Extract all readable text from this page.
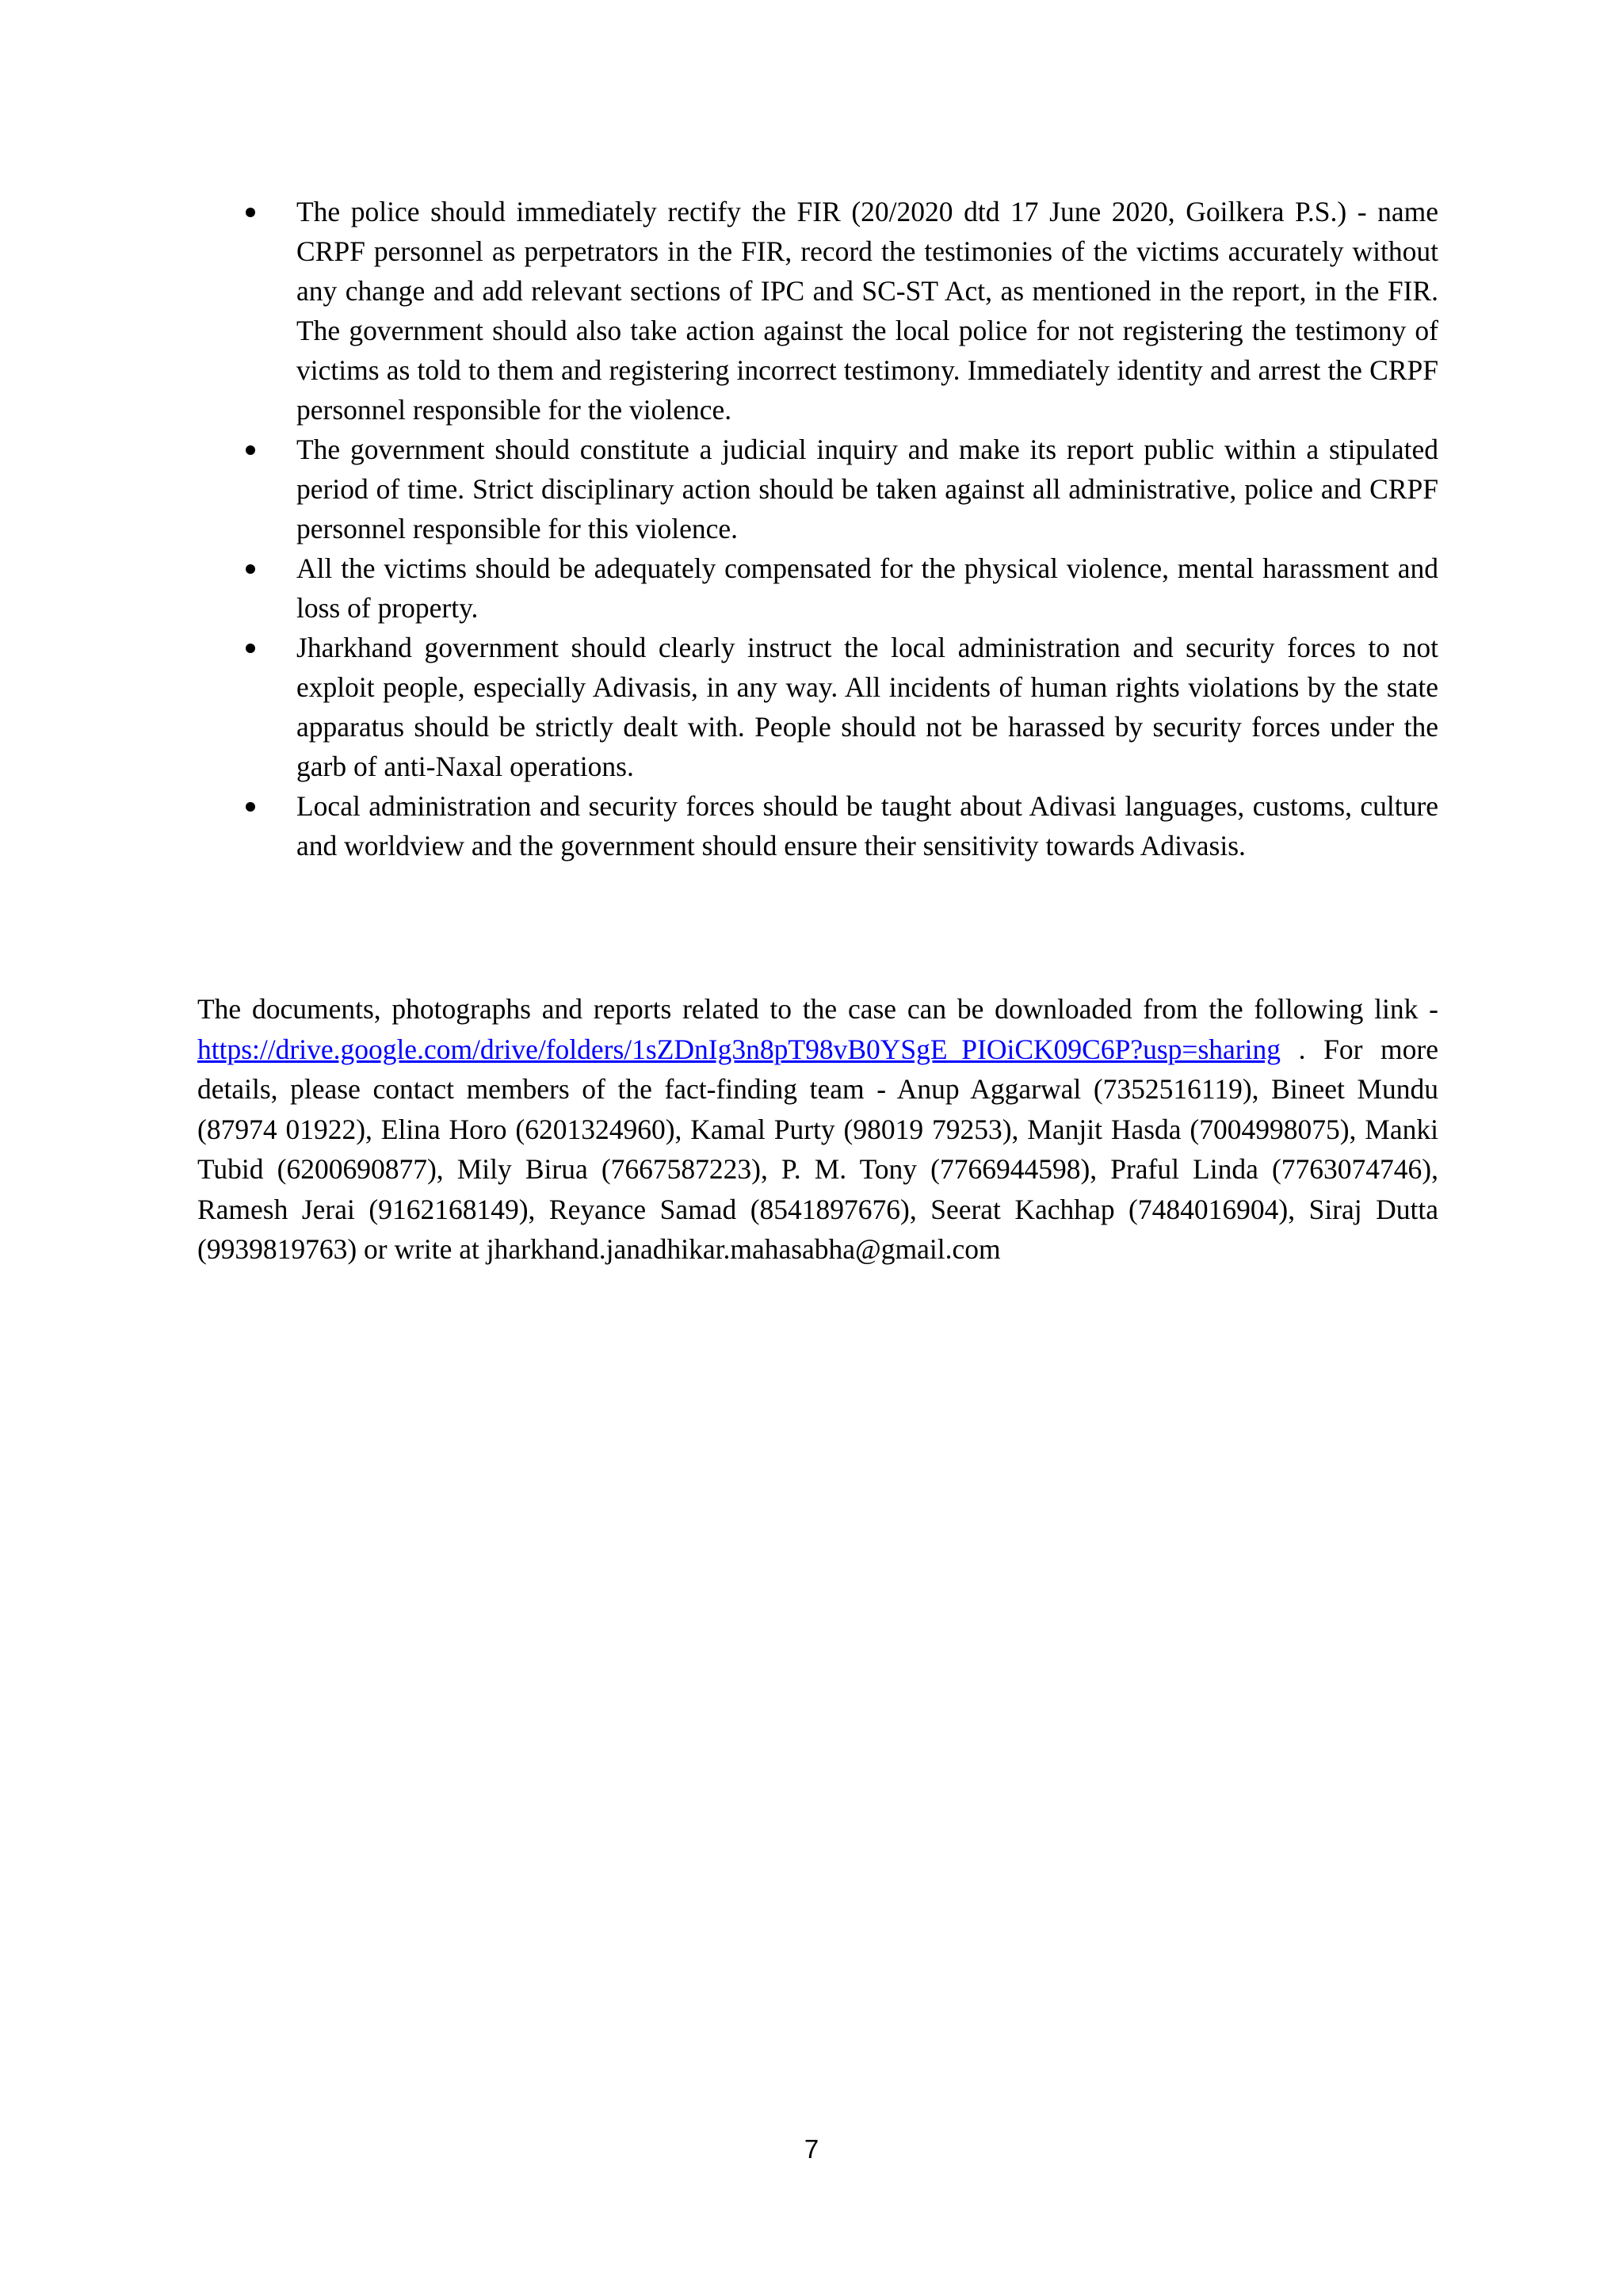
The police should immediately rectify the FIR (20/2020 dtd 17 June 2020, Goilkera P.S.) - name CRPF personnel as perpetrators in the FIR, record the testimonies of the victims accurately without any change and add relevant sections of IPC and SC-ST Act, as mentioned in the report, in the FIR. The government should also take action against the local police for not registering the testimony of victims as told to them and registering incorrect testimony. Immediately identity and arrest the CRPF personnel responsible for the violence.
The government should constitute a judicial inquiry and make its report public within a stipulated period of time. Strict disciplinary action should be taken against all administrative, police and CRPF personnel responsible for this violence.
All the victims should be adequately compensated for the physical violence, mental harassment and loss of property.
Jharkhand government should clearly instruct the local administration and security forces to not exploit people, especially Adivasis, in any way. All incidents of human rights violations by the state apparatus should be strictly dealt with. People should not be harassed by security forces under the garb of anti-Naxal operations.
Local administration and security forces should be taught about Adivasi languages, customs, culture and worldview and the government should ensure their sensitivity towards Adivasis.

The documents, photographs and reports related to the case can be downloaded from the following link - https://drive.google.com/drive/folders/1sZDnIg3n8pT98vB0YSgE_PIOiCK09C6P?usp=sharing . For more details, please contact members of the fact-finding team - Anup Aggarwal (7352516119), Bineet Mundu (87974 01922), Elina Horo (6201324960), Kamal Purty (98019 79253), Manjit Hasda (7004998075), Manki Tubid (6200690877), Mily Birua (7667587223), P. M. Tony (7766944598), Praful Linda (7763074746), Ramesh Jerai (9162168149), Reyance Samad (8541897676), Seerat Kachhap (7484016904), Siraj Dutta (9939819763) or write at jharkhand.janadhikar.mahasabha@gmail.com

7
